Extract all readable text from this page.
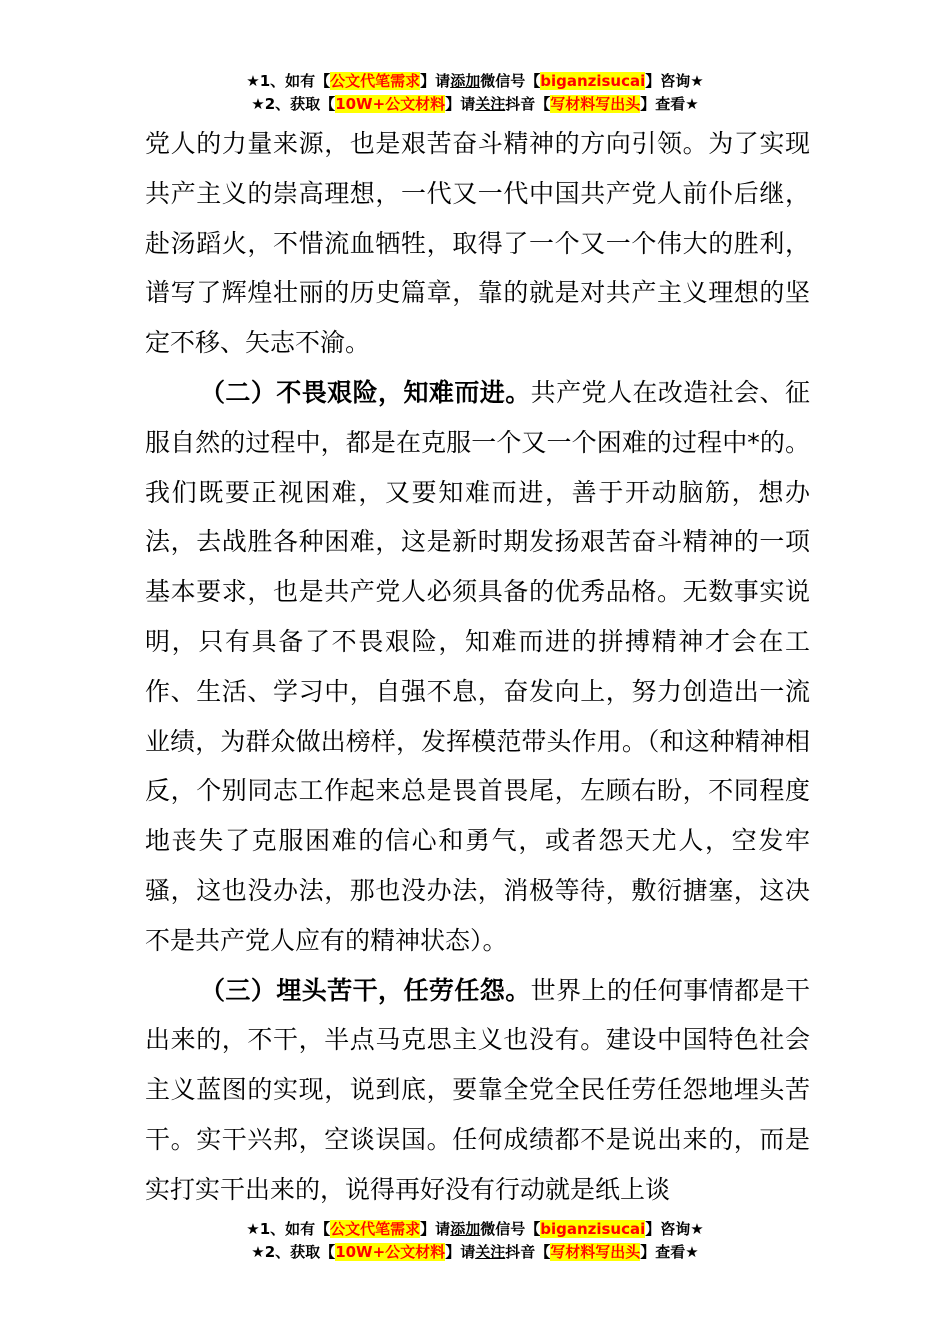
★1、如有【公文代笔需求】请添加微信号【biganzisucai】咨询★
★2、获取【10W+公文材料】请关注抖音【写材料写出头】查看★

党人的力量来源，也是艰苦奋斗精神的方向引领。为了实现共产主义的崇高理想，一代又一代中国共产党人前仆后继，赴汤蹈火，不惜流血牺牲，取得了一个又一个伟大的胜利，谱写了辉煌壮丽的历史篇章，靠的就是对共产主义理想的坚定不移、矢志不渝。

（二）不畏艰险，知难而进。共产党人在改造社会、征服自然的过程中，都是在克服一个又一个困难的过程中*的。我们既要正视困难，又要知难而进，善于开动脑筋，想办法，去战胜各种困难，这是新时期发扬艰苦奋斗精神的一项基本要求，也是共产党人必须具备的优秀品格。无数事实说明，只有具备了不畏艰险，知难而进的拼搏精神才会在工作、生活、学习中，自强不息，奋发向上，努力创造出一流业绩，为群众做出榜样，发挥模范带头作用。（和这种精神相反，个别同志工作起来总是畏首畏尾，左顾右盼，不同程度地丧失了克服困难的信心和勇气，或者怨天尤人，空发牢骚，这也没办法，那也没办法，消极等待，敷衍搪塞，这决不是共产党人应有的精神状态）。

（三）埋头苦干，任劳任怨。世界上的任何事情都是干出来的，不干，半点马克思主义也没有。建设中国特色社会主义蓝图的实现，说到底，要靠全党全民任劳任怨地埋头苦干。实干兴邦，空谈误国。任何成绩都不是说出来的，而是实打实干出来的，说得再好没有行动就是纸上谈

★1、如有【公文代笔需求】请添加微信号【biganzisucai】咨询★
★2、获取【10W+公文材料】请关注抖音【写材料写出头】查看★
